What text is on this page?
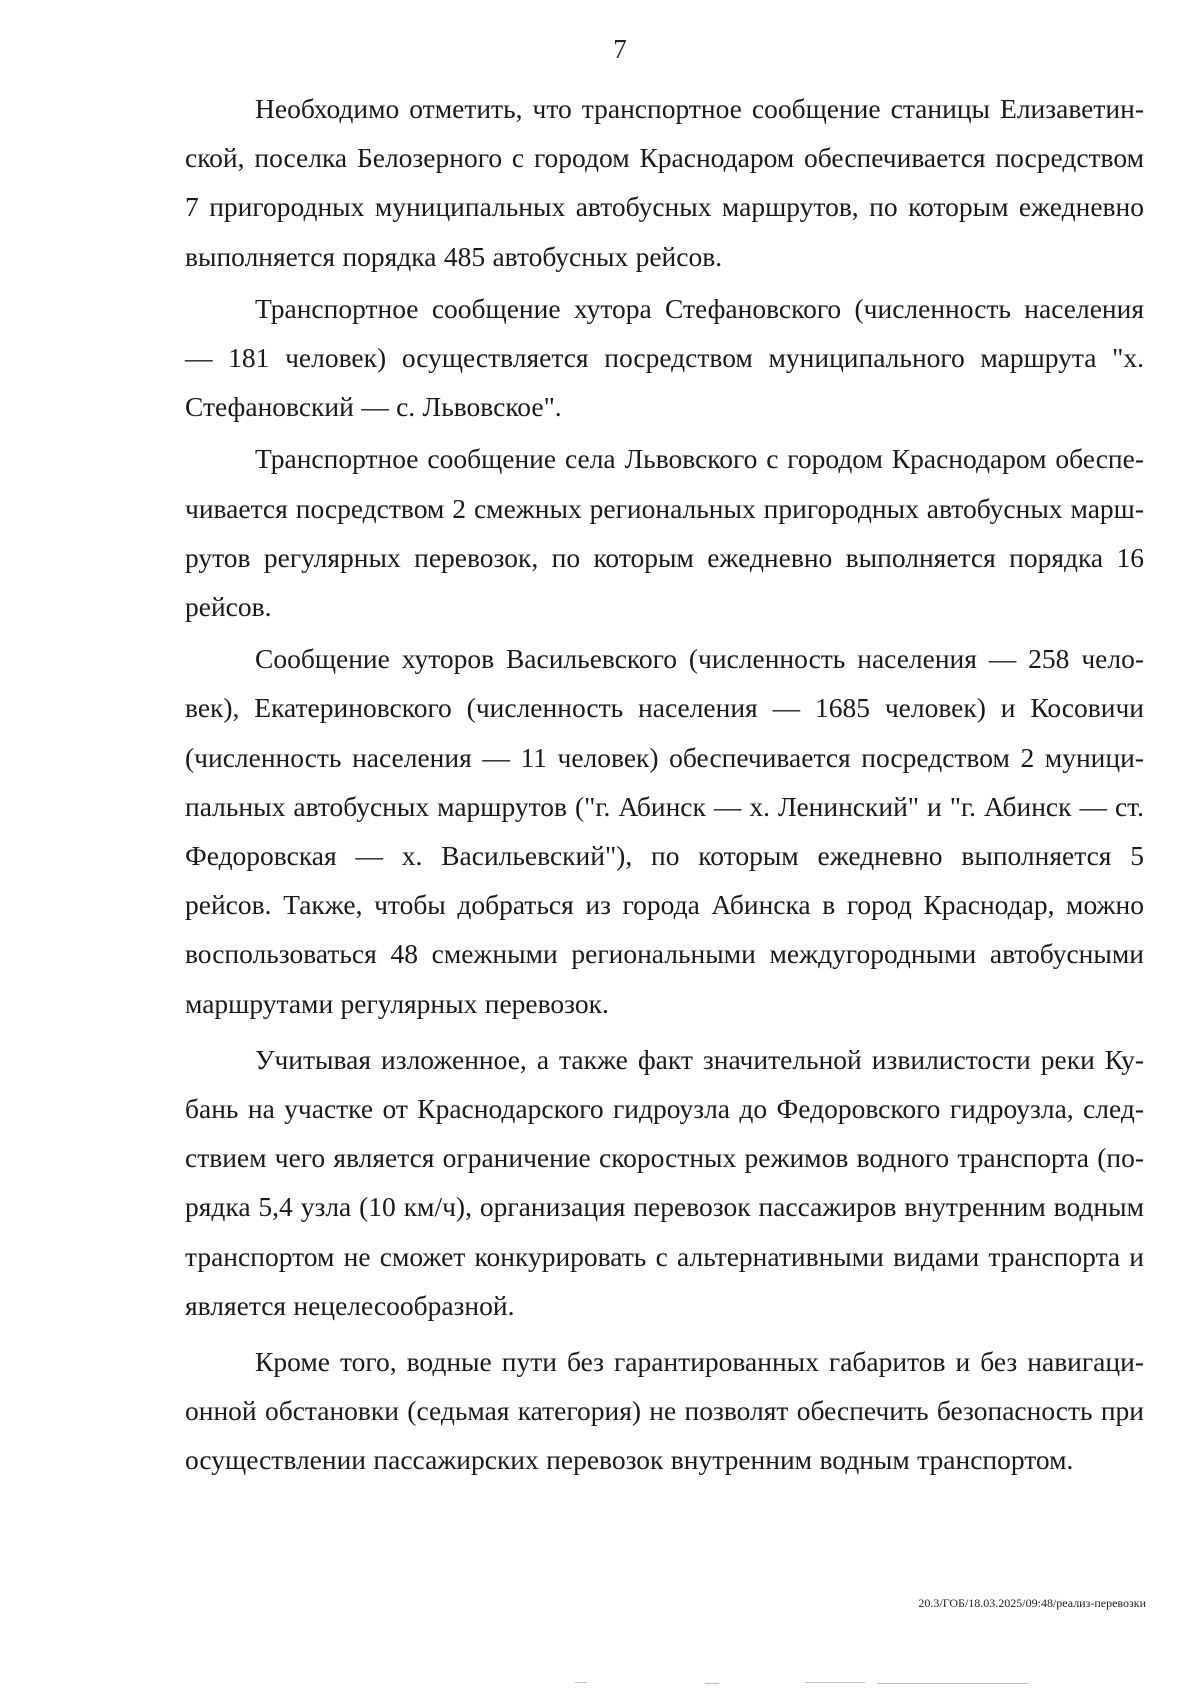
7

Необходимо отметить, что транспортное сообщение станицы Елизаветинской, поселка Белозерного с городом Краснодаром обеспечивается посредством 7 пригородных муниципальных автобусных маршрутов, по которым ежедневно выполняется порядка 485 автобусных рейсов.

Транспортное сообщение хутора Стефановского (численность населения — 181 человек) осуществляется посредством муниципального маршрута "х. Стефановский — с. Львовское".

Транспортное сообщение села Львовского с городом Краснодаром обеспечивается посредством 2 смежных региональных пригородных автобусных маршрутов регулярных перевозок, по которым ежедневно выполняется порядка 16 рейсов.

Сообщение хуторов Васильевского (численность населения — 258 человек), Екатериновского (численность населения — 1685 человек) и Косовичи (численность населения — 11 человек) обеспечивается посредством 2 муниципальных автобусных маршрутов ("г. Абинск — х. Ленинский" и "г. Абинск — ст. Федоровская — х. Васильевский"), по которым ежедневно выполняется 5 рейсов. Также, чтобы добраться из города Абинска в город Краснодар, можно воспользоваться 48 смежными региональными междугородными автобусными маршрутами регулярных перевозок.

Учитывая изложенное, а также факт значительной извилистости реки Кубань на участке от Краснодарского гидроузла до Федоровского гидроузла, следствием чего является ограничение скоростных режимов водного транспорта (порядка 5,4 узла (10 км/ч), организация перевозок пассажиров внутренним водным транспортом не сможет конкурировать с альтернативными видами транспорта и является нецелесообразной.

Кроме того, водные пути без гарантированных габаритов и без навигационной обстановки (седьмая категория) не позволят обеспечить безопасность при осуществлении пассажирских перевозок внутренним водным транспортом.

20.3/ГОБ/18.03.2025/09:48/реализ-перевозки
